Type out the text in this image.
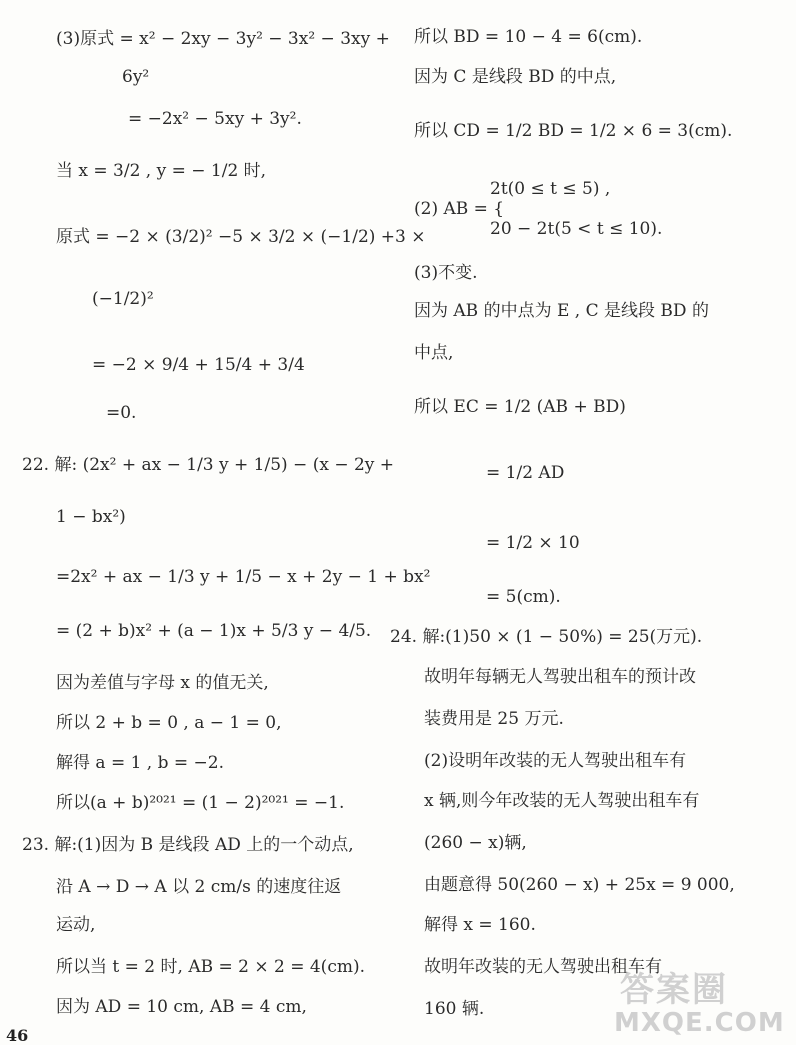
(3)原式 = x² − 2xy − 3y² − 3x² − 3xy +
6y²
= −2x² − 5xy + 3y².
当 x = 3/2 , y = − 1/2 时,
原式 = −2 × (3/2)² −5 × 3/2 × (−1/2) +3 ×
(−1/2)²
= −2 × 9/4 + 15/4 + 3/4
=0.
22. 解: (2x² + ax − 1/3 y + 1/5) − (x − 2y +
1 − bx²)
=2x² + ax − 1/3 y + 1/5 − x + 2y − 1 + bx²
= (2 + b)x² + (a − 1)x + 5/3 y − 4/5.
因为差值与字母 x 的值无关,
所以 2 + b = 0 , a − 1 = 0,
解得 a = 1 , b = −2.
所以(a + b)²⁰²¹ = (1 − 2)²⁰²¹ = −1.
23. 解:(1)因为 B 是线段 AD 上的一个动点,
沿 A → D → A 以 2 cm/s 的速度往返
运动,
所以当 t = 2 时, AB = 2 × 2 = 4(cm).
因为 AD = 10 cm, AB = 4 cm,
所以 BD = 10 − 4 = 6(cm).
因为 C 是线段 BD 的中点,
所以 CD = 1/2 BD = 1/2 × 6 = 3(cm).
2t(0 ≤ t ≤ 5) ,
(2) AB = {
20 − 2t(5 < t ≤ 10).
(3)不变.
因为 AB 的中点为 E , C 是线段 BD 的
中点,
所以 EC = 1/2 (AB + BD)
= 1/2 AD
= 1/2 × 10
= 5(cm).
24. 解:(1)50 × (1 − 50%) = 25(万元).
故明年每辆无人驾驶出租车的预计改
装费用是 25 万元.
(2)设明年改装的无人驾驶出租车有
x 辆,则今年改装的无人驾驶出租车有
(260 − x)辆,
由题意得 50(260 − x) + 25x = 9 000,
解得 x = 160.
故明年改装的无人驾驶出租车有
160 辆.
46
答案圈
MXQE.COM
